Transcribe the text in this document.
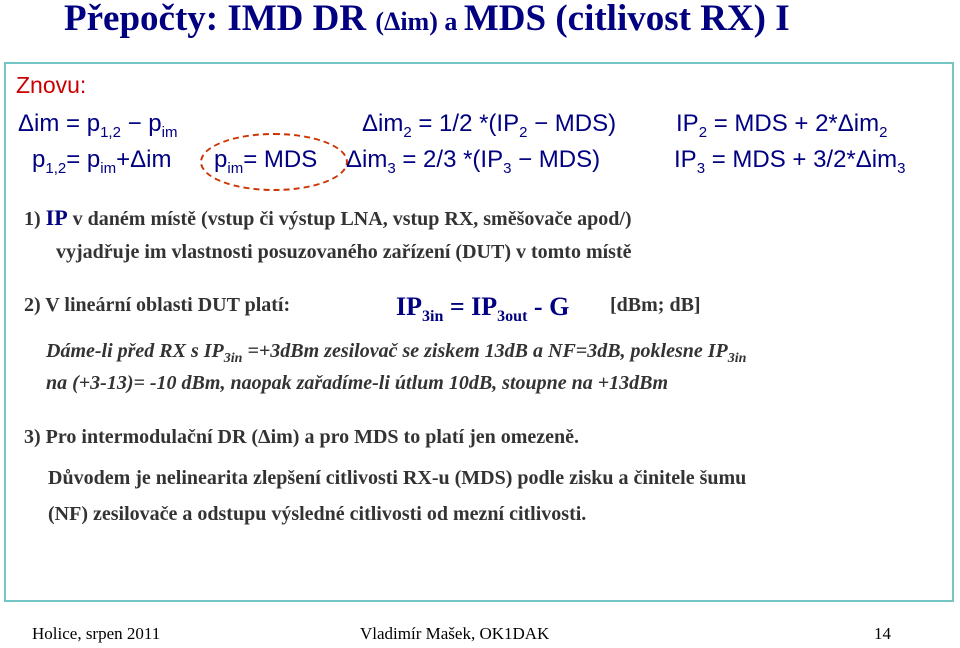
Přepočty: IMD DR (Δim) a MDS (citlivost RX) I
Znovu:
$\Delta im = p_{1,2} - p_{im}$
$p_{1,2}= p_{im}+\Delta im$ $p_{im}=$ MDS
Δim$_2$ = 1/2 $*(IP_2 - MDS)$
Δim$_3$ = 2/3 $*(IP_3 - MDS)$
$IP_2$ = MDS + 2*Δim$_2$
$IP_3$ = MDS + 3/2*Δim$_3$
1) IP v daném místě (vstup či výstup LNA, vstup RX, směšovače apod/)
vyjadřuje im vlastnosti posuzovaného zařízení (DUT) v tomto místě
2) V lineární oblasti DUT platí:	$IP_{3in} = IP_{3out} - G$ [dBm; dB]
Dáme-li před RX s $IP_{3in} =+3dBm$ zesilovač se ziskem 13dB a NF=3dB, poklesne $IP_{3in}$
na (+3-13)= -10 dBm, naopak zařadíme-li útlum 10dB, stoupne na +13dBm
3) Pro intermodulační DR (Δim) a pro MDS to platí jen omezeně.
Důvodem je nelinearita zlepšení citlivosti RX-u (MDS) podle zisku a činitele šumu
(NF) zesilovače a odstupu výsledné citlivosti od mezní citlivosti.
Holice, srpen 2011	Vladimír Mašek, OK1DAK	14
